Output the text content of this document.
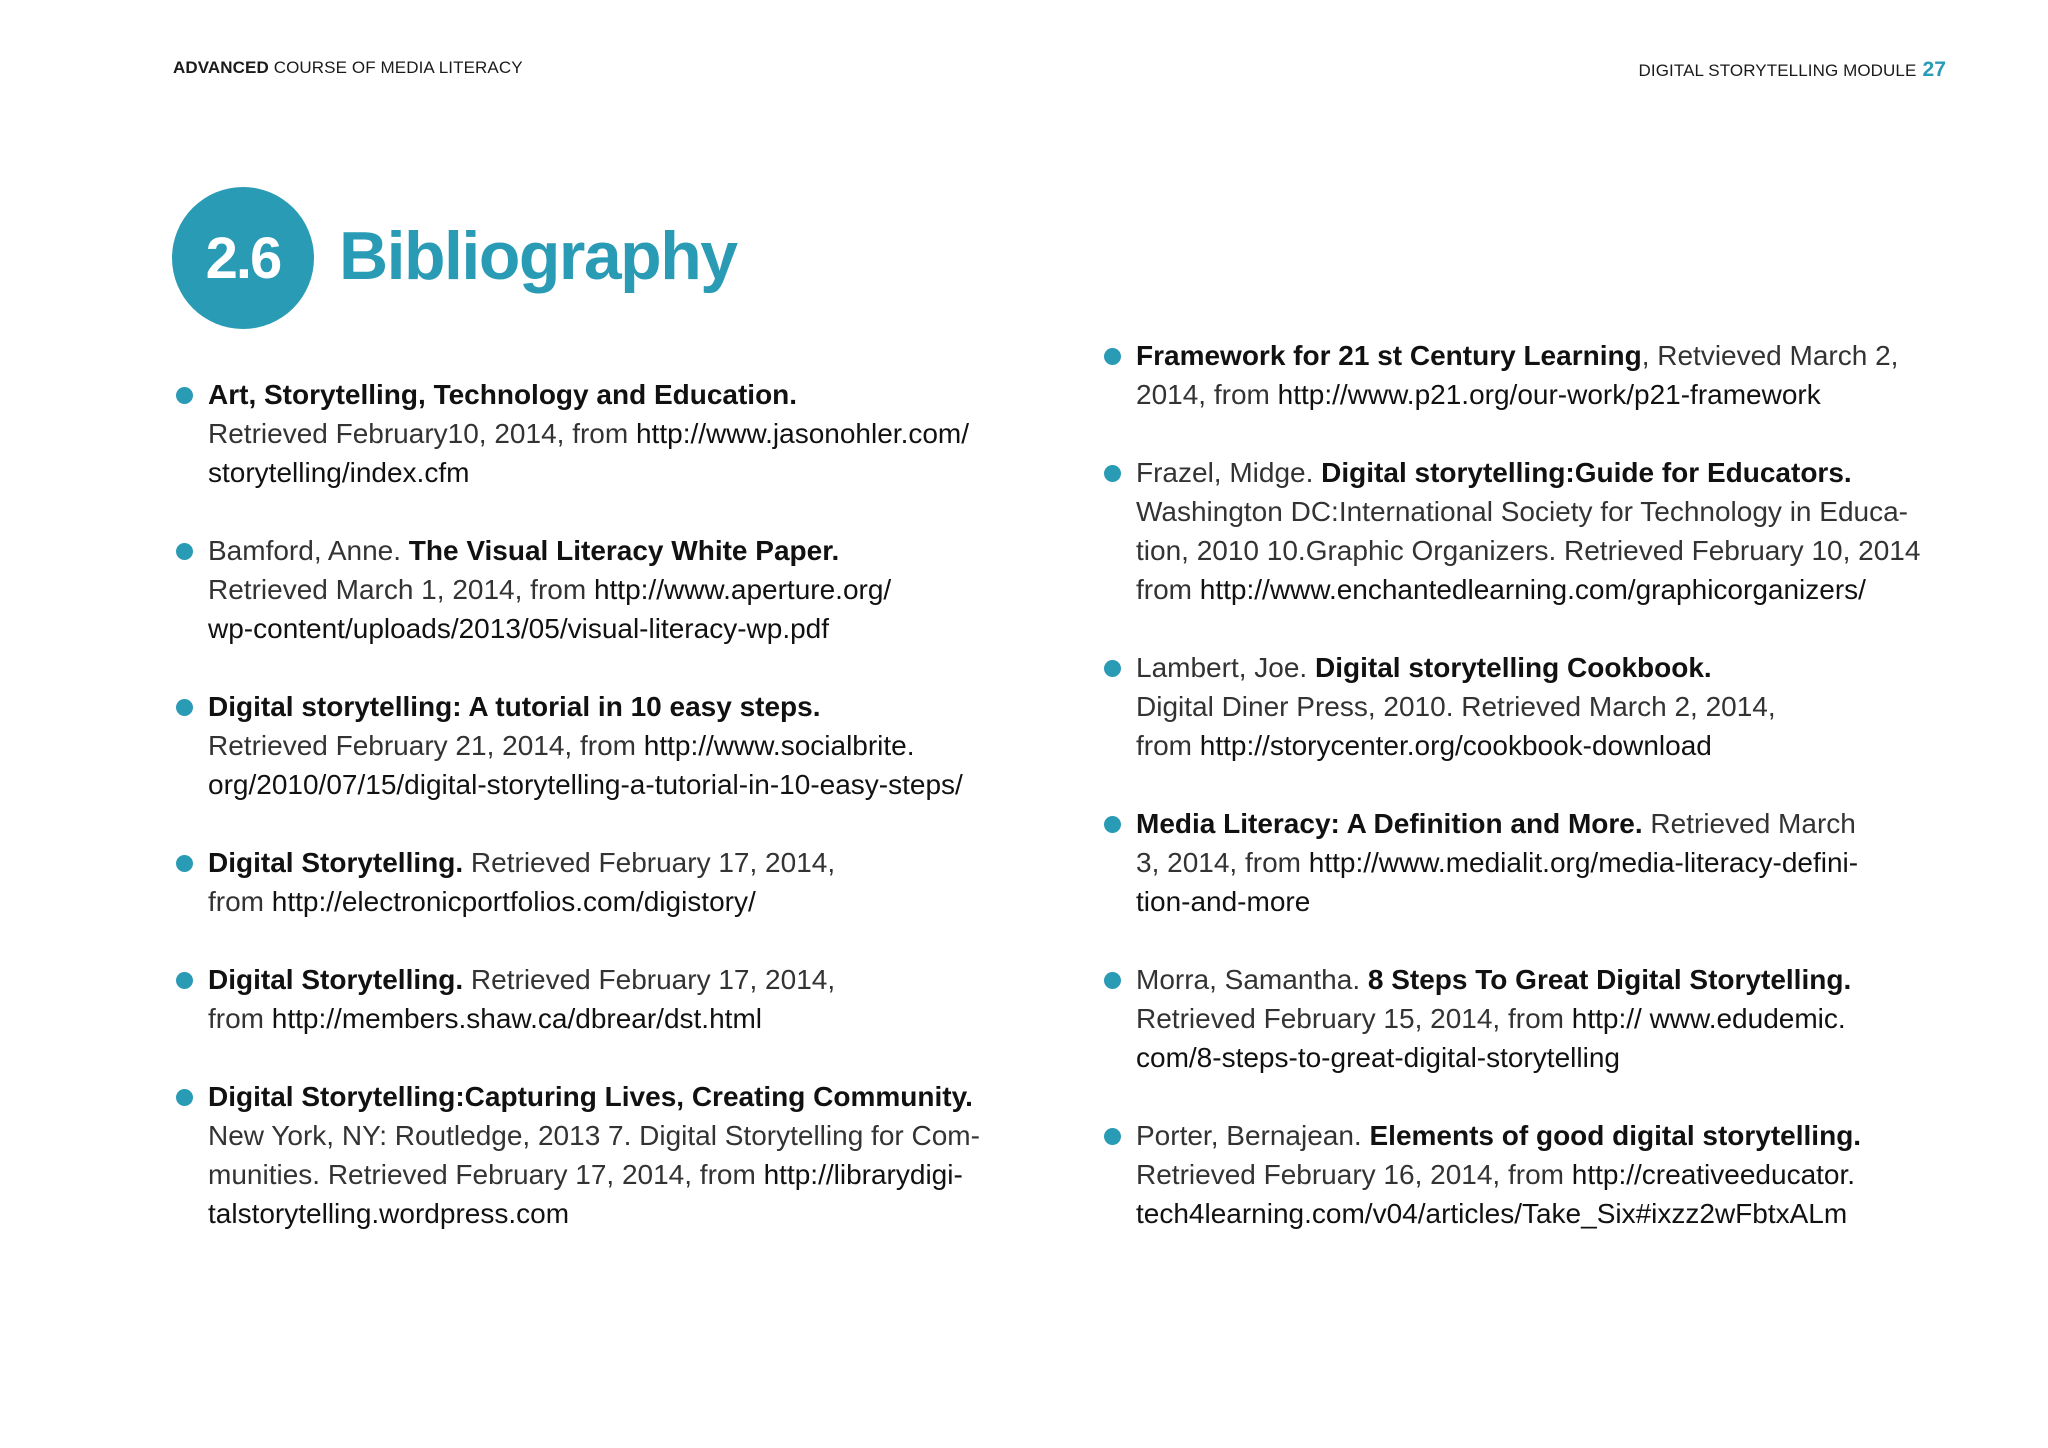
ADVANCED COURSE OF MEDIA LITERACY	DIGITAL STORYTELLING MODULE 27
2.6 Bibliography
Art, Storytelling, Technology and Education.
Retrieved February10, 2014, from http://www.jasonohler.com/
storytelling/index.cfm
Bamford, Anne. The Visual Literacy White Paper.
Retrieved March 1, 2014, from http://www.aperture.org/
wp-content/uploads/2013/05/visual-literacy-wp.pdf
Digital storytelling: A tutorial in 10 easy steps.
Retrieved February 21, 2014, from http://www.socialbrite.
org/2010/07/15/digital-storytelling-a-tutorial-in-10-easy-steps/
Digital Storytelling. Retrieved February 17, 2014,
from http://electronicportfolios.com/digistory/
Digital Storytelling. Retrieved February 17, 2014,
from http://members.shaw.ca/dbrear/dst.html
Digital Storytelling:Capturing Lives, Creating Community.
New York, NY: Routledge, 2013 7. Digital Storytelling for Com-
munities. Retrieved February 17, 2014, from http://librarydigi-
talstorytelling.wordpress.com
Framework for 21 st Century Learning, Retvieved March 2,
2014, from http://www.p21.org/our-work/p21-framework
Frazel, Midge. Digital storytelling:Guide for Educators.
Washington DC:International Society for Technology in Educa-
tion, 2010 10.Graphic Organizers. Retrieved February 10, 2014
from http://www.enchantedlearning.com/graphicorganizers/
Lambert, Joe. Digital storytelling Cookbook.
Digital Diner Press, 2010. Retrieved March 2, 2014,
from http://storycenter.org/cookbook-download
Media Literacy: A Definition and More. Retrieved March
3, 2014, from http://www.medialit.org/media-literacy-defini-
tion-and-more
Morra, Samantha. 8 Steps To Great Digital Storytelling.
Retrieved February 15, 2014, from http:// www.edudemic.
com/8-steps-to-great-digital-storytelling
Porter, Bernajean. Elements of good digital storytelling.
Retrieved February 16, 2014, from http://creativeeducator.
tech4learning.com/v04/articles/Take_Six#ixzz2wFbtxALm
